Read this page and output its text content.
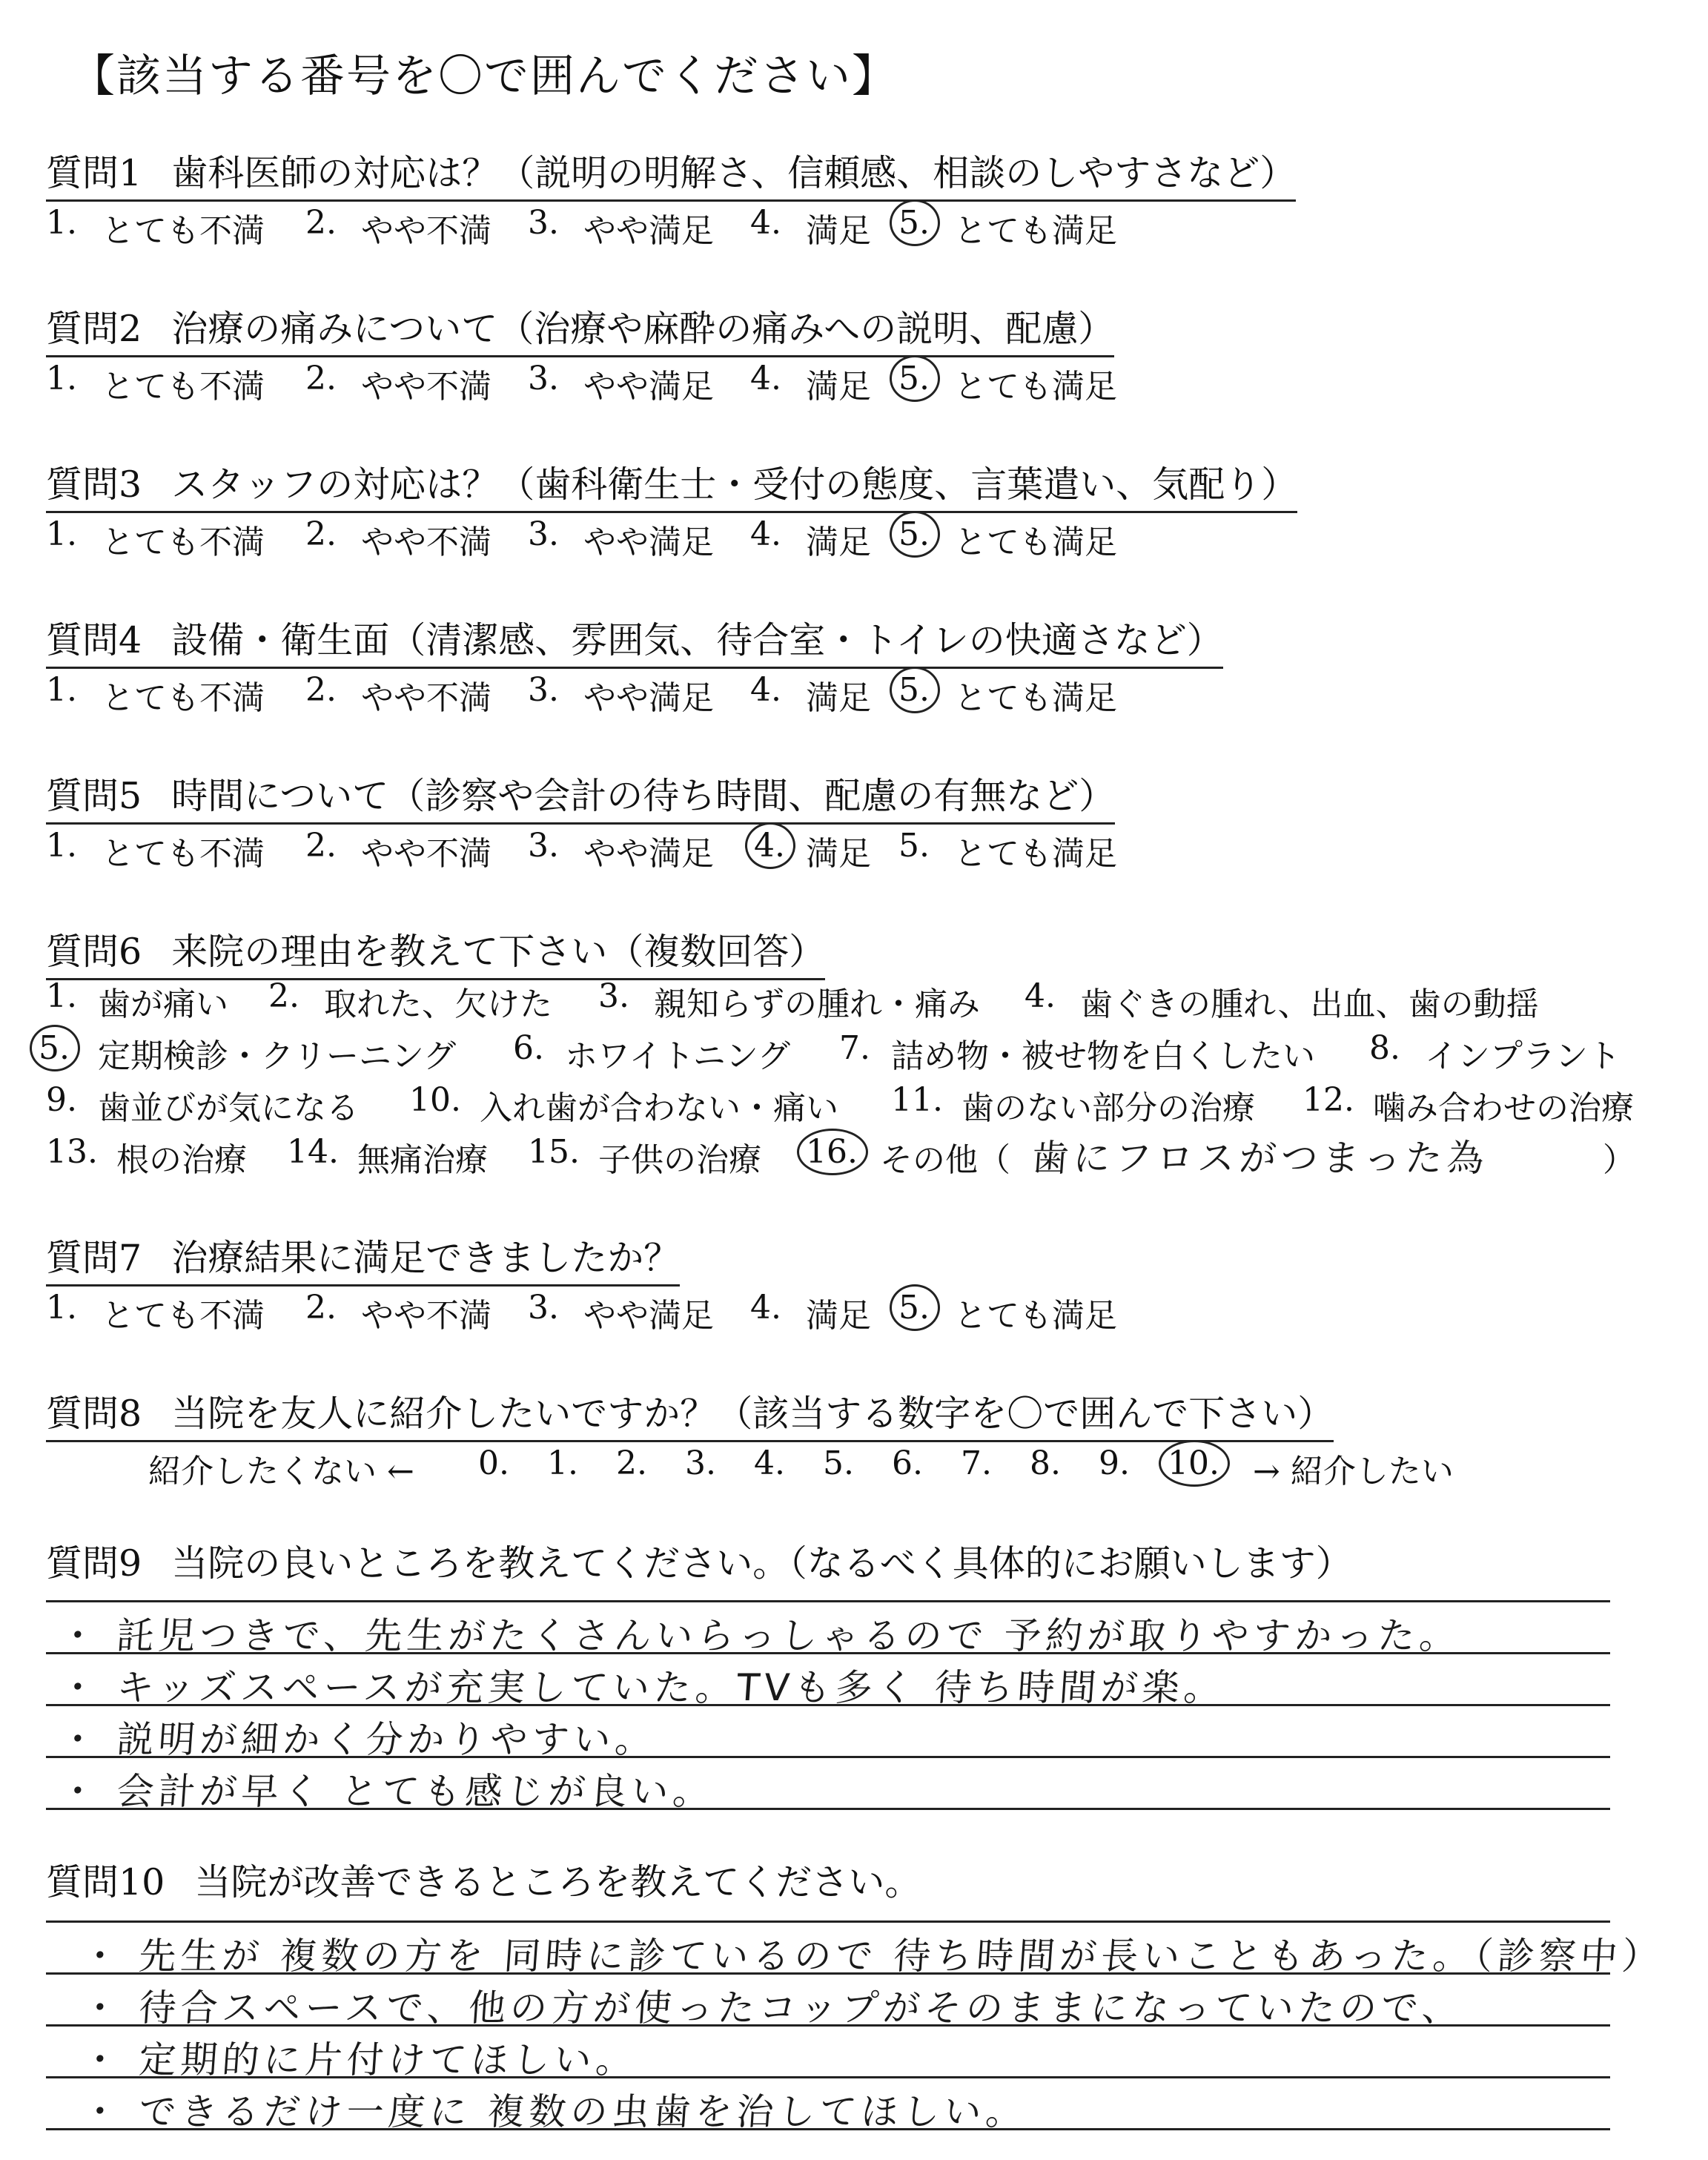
【該当する番号を〇で囲んでください】
質問1 歯科医師の対応は？（説明の明解さ、信頼感、相談のしやすさなど）
1. とても不満 2. やや不満 3. やや満足 4. 満足 5. とても満足
質問2 治療の痛みについて（治療や麻酔の痛みへの説明、配慮）
1. とても不満 2. やや不満 3. やや満足 4. 満足 5. とても満足
質問3 スタッフの対応は？（歯科衛生士・受付の態度、言葉遣い、気配り）
1. とても不満 2. やや不満 3. やや満足 4. 満足 5. とても満足
質問4 設備・衛生面（清潔感、雰囲気、待合室・トイレの快適さなど）
1. とても不満 2. やや不満 3. やや満足 4. 満足 5. とても満足
質問5 時間について（診察や会計の待ち時間、配慮の有無など）
1. とても不満 2. やや不満 3. やや満足 4. 満足 5. とても満足
質問6 来院の理由を教えて下さい（複数回答）
1. 歯が痛い 2. 取れた、欠けた 3. 親知らずの腫れ・痛み 4. 歯ぐきの腫れ、出血、歯の動揺
5. 定期検診・クリーニング 6. ホワイトニング 7. 詰め物・被せ物を白くしたい 8. インプラント
9. 歯並びが気になる 10. 入れ歯が合わない・痛い 11. 歯のない部分の治療 12. 噛み合わせの治療
13. 根の治療 14. 無痛治療 15. 子供の治療 16. その他（ 歯にフロスがつまった為	）
質問7 治療結果に満足できましたか？
1. とても不満 2. やや不満 3. やや満足 4. 満足 5. とても満足
質問8 当院を友人に紹介したいですか？（該当する数字を〇で囲んで下さい）
紹介したくない ← 0. 1. 2. 3. 4. 5. 6. 7. 8. 9. 10. → 紹介したい
質問9 当院の良いところを教えてください。（なるべく具体的にお願いします）
・ 託児つきで、先生がたくさんいらっしゃるので 予約が取りやすかった。
・ キッズスペースが充実していた。TVも多く 待ち時間が楽。
・ 説明が細かく分かりやすい。
・ 会計が早く とても感じが良い。
質問10 当院が改善できるところを教えてください。
・ 先生が 複数の方を 同時に診ているので 待ち時間が長いこともあった。（診察中）
・ 待合スペースで、他の方が使ったコップがそのままになっていたので、
・ 定期的に片付けてほしい。
・ できるだけ一度に 複数の虫歯を治してほしい。
